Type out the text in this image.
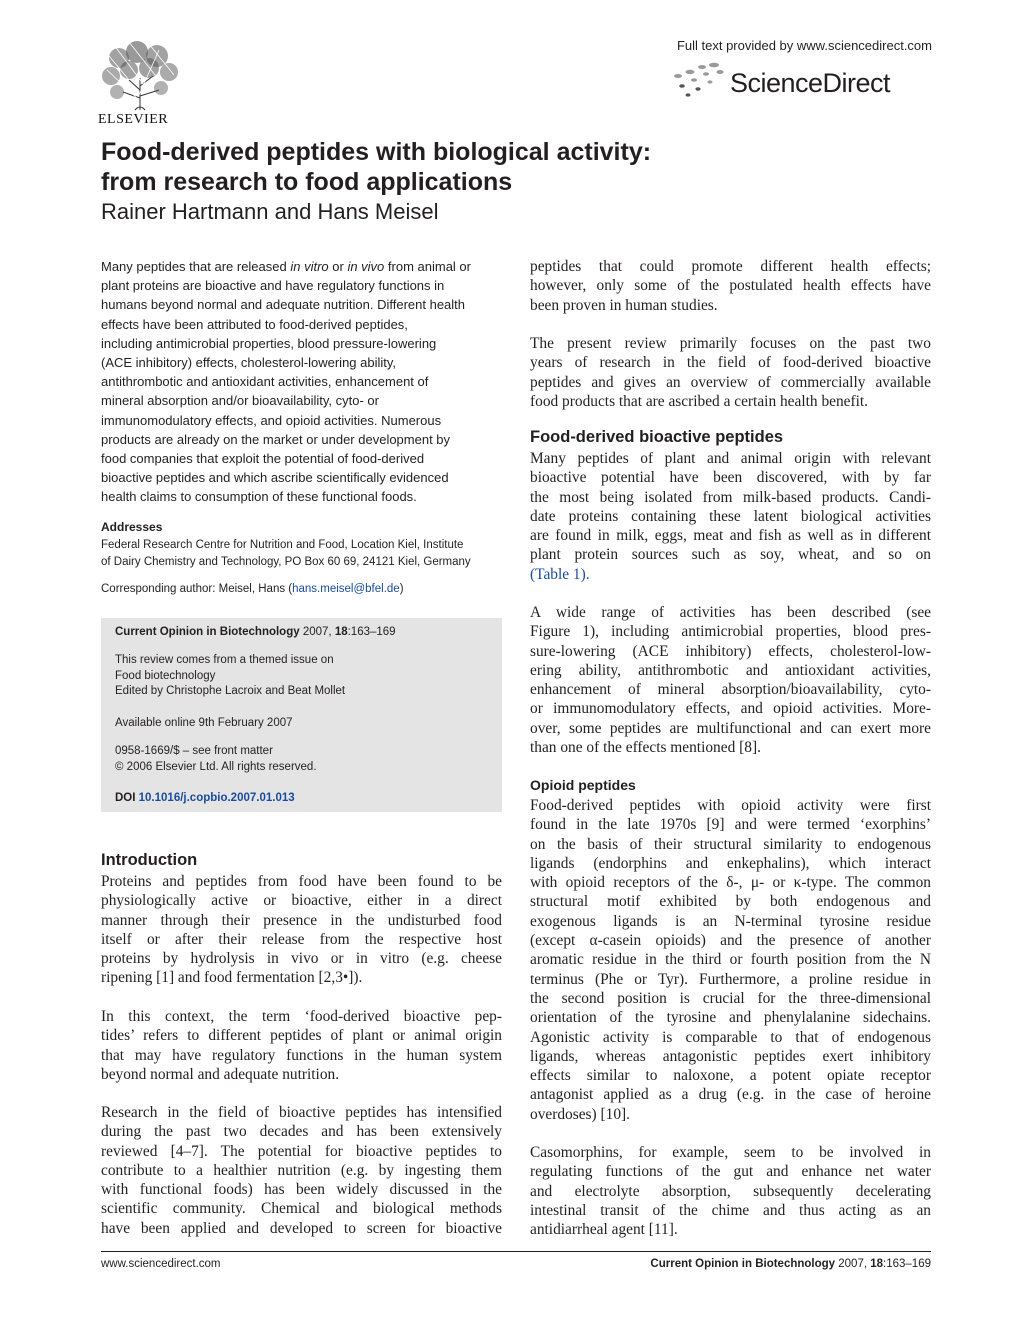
ELSEVIER
Full text provided by www.sciencedirect.com
ScienceDirect
Food-derived peptides with biological activity:
from research to food applications
Rainer Hartmann and Hans Meisel
Many peptides that are released in vitro or in vivo from animal or
plant proteins are bioactive and have regulatory functions in
humans beyond normal and adequate nutrition. Different health
effects have been attributed to food-derived peptides,
including antimicrobial properties, blood pressure-lowering
(ACE inhibitory) effects, cholesterol-lowering ability,
antithrombotic and antioxidant activities, enhancement of
mineral absorption and/or bioavailability, cyto- or
immunomodulatory effects, and opioid activities. Numerous
products are already on the market or under development by
food companies that exploit the potential of food-derived
bioactive peptides and which ascribe scientifically evidenced
health claims to consumption of these functional foods.
Addresses
Federal Research Centre for Nutrition and Food, Location Kiel, Institute
of Dairy Chemistry and Technology, PO Box 60 69, 24121 Kiel, Germany
Corresponding author: Meisel, Hans (hans.meisel@bfel.de)
Current Opinion in Biotechnology 2007, 18:163–169
This review comes from a themed issue on
Food biotechnology
Edited by Christophe Lacroix and Beat Mollet
Available online 9th February 2007
0958-1669/$ – see front matter
© 2006 Elsevier Ltd. All rights reserved.
DOI 10.1016/j.copbio.2007.01.013
Introduction
Proteins and peptides from food have been found to be
physiologically active or bioactive, either in a direct
manner through their presence in the undisturbed food
itself or after their release from the respective host
proteins by hydrolysis in vivo or in vitro (e.g. cheese
ripening [1] and food fermentation [2,3•]).
In this context, the term ‘food-derived bioactive pep-
tides’ refers to different peptides of plant or animal origin
that may have regulatory functions in the human system
beyond normal and adequate nutrition.
Research in the field of bioactive peptides has intensified
during the past two decades and has been extensively
reviewed [4–7]. The potential for bioactive peptides to
contribute to a healthier nutrition (e.g. by ingesting them
with functional foods) has been widely discussed in the
scientific community. Chemical and biological methods
have been applied and developed to screen for bioactive
peptides that could promote different health effects;
however, only some of the postulated health effects have
been proven in human studies.
The present review primarily focuses on the past two
years of research in the field of food-derived bioactive
peptides and gives an overview of commercially available
food products that are ascribed a certain health benefit.
Food-derived bioactive peptides
Many peptides of plant and animal origin with relevant
bioactive potential have been discovered, with by far
the most being isolated from milk-based products. Candi-
date proteins containing these latent biological activities
are found in milk, eggs, meat and fish as well as in different
plant protein sources such as soy, wheat, and so on
(Table 1).
A wide range of activities has been described (see
Figure 1), including antimicrobial properties, blood pres-
sure-lowering (ACE inhibitory) effects, cholesterol-low-
ering ability, antithrombotic and antioxidant activities,
enhancement of mineral absorption/bioavailability, cyto-
or immunomodulatory effects, and opioid activities. More-
over, some peptides are multifunctional and can exert more
than one of the effects mentioned [8].
Opioid peptides
Food-derived peptides with opioid activity were first
found in the late 1970s [9] and were termed ‘exorphins’
on the basis of their structural similarity to endogenous
ligands (endorphins and enkephalins), which interact
with opioid receptors of the δ-, μ- or κ-type. The common
structural motif exhibited by both endogenous and
exogenous ligands is an N-terminal tyrosine residue
(except α-casein opioids) and the presence of another
aromatic residue in the third or fourth position from the N
terminus (Phe or Tyr). Furthermore, a proline residue in
the second position is crucial for the three-dimensional
orientation of the tyrosine and phenylalanine sidechains.
Agonistic activity is comparable to that of endogenous
ligands, whereas antagonistic peptides exert inhibitory
effects similar to naloxone, a potent opiate receptor
antagonist applied as a drug (e.g. in the case of heroine
overdoses) [10].
Casomorphins, for example, seem to be involved in
regulating functions of the gut and enhance net water
and electrolyte absorption, subsequently decelerating
intestinal transit of the chime and thus acting as an
antidiarrheal agent [11].
www.sciencedirect.com	Current Opinion in Biotechnology 2007, 18:163–169
